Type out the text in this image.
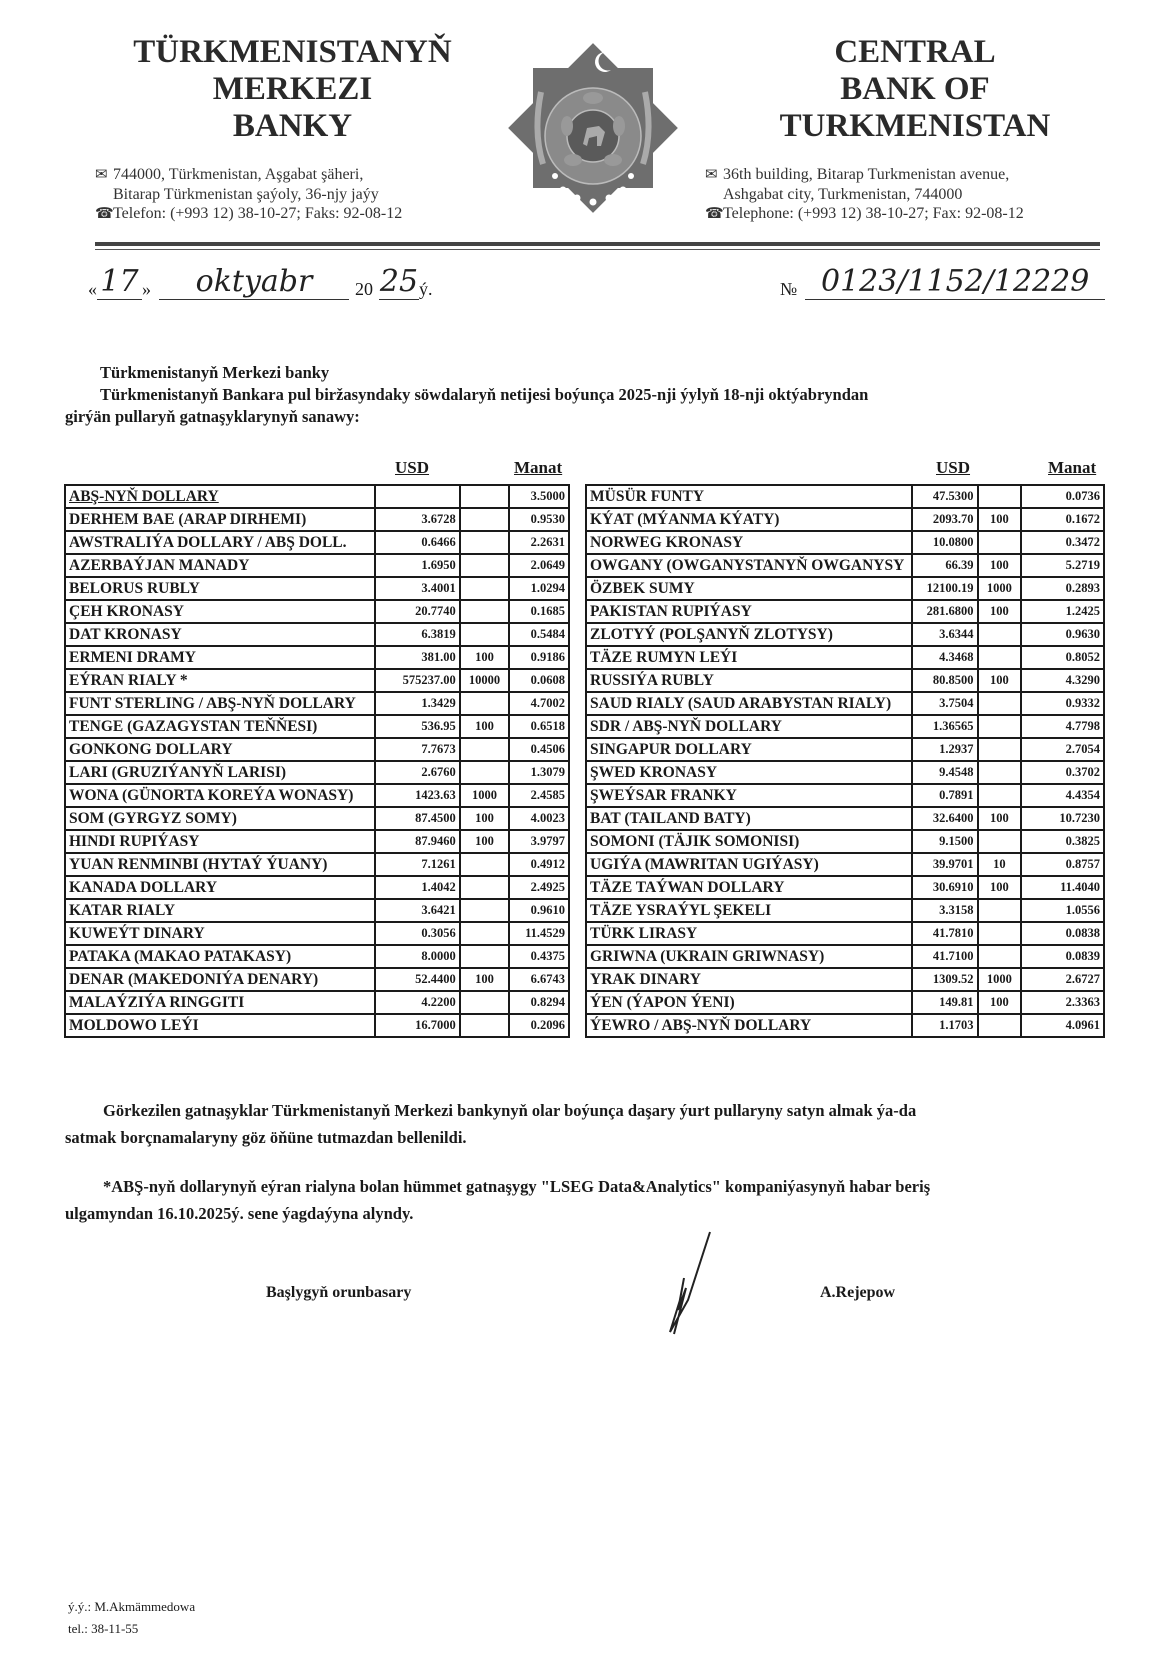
TÜRKMENISTANYŇ
MERKEZI
BANKY
✉ 744000, Türkmenistan, Aşgabat şäheri,
Bitarap Türkmenistan şaýoly, 36-njy jaýy
☎Telefon: (+993 12) 38-10-27; Faks: 92-08-12
CENTRAL
BANK OF
TURKMENISTAN
✉ 36th building, Bitarap Turkmenistan avenue,
Ashgabat city, Turkmenistan, 744000
☎Telephone: (+993 12) 38-10-27; Fax: 92-08-12
« 17 »	oktyabr	20 25 ý.	№ 0123/1152/12229
Türkmenistanyň Merkezi banky
Türkmenistanyň Bankara pul biržasyndaky söwdalaryň netijesi boýunça 2025-nji ýylyň 18-nji oktýabryndan
girýän pullaryň gatnaşyklarynyň sanawy:
USD	Manat	USD	Manat
ABŞ-NYŇ DOLLARY			3.5000
DERHEM BAE (ARAP DIRHEMI)	3.6728		0.9530
AWSTRALIÝA DOLLARY / ABŞ DOLL.	0.6466		2.2631
AZERBAÝJAN MANADY	1.6950		2.0649
BELORUS RUBLY	3.4001		1.0294
ÇEH KRONASY	20.7740		0.1685
DAT KRONASY	6.3819		0.5484
ERMENI DRAMY	381.00	100	0.9186
EÝRAN RIALY *	575237.00	10000	0.0608
FUNT STERLING / ABŞ-NYŇ DOLLARY	1.3429		4.7002
TENGE (GAZAGYSTAN TEŇŇESI)	536.95	100	0.6518
GONKONG DOLLARY	7.7673		0.4506
LARI (GRUZIÝANYŇ LARISI)	2.6760		1.3079
WONA (GÜNORTA KOREÝA WONASY)	1423.63	1000	2.4585
SOM (GYRGYZ SOMY)	87.4500	100	4.0023
HINDI RUPIÝASY	87.9460	100	3.9797
YUAN RENMINBI (HYTAÝ ÝUANY)	7.1261		0.4912
KANADA DOLLARY	1.4042		2.4925
KATAR RIALY	3.6421		0.9610
KUWEÝT DINARY	0.3056		11.4529
PATAKA (MAKAO PATAKASY)	8.0000		0.4375
DENAR (MAKEDONIÝA DENARY)	52.4400	100	6.6743
MALAÝZIÝA RINGGITI	4.2200		0.8294
MOLDOWO LEÝI	16.7000		0.2096
MÜSÜR FUNTY	47.5300		0.0736
KÝAT (MÝANMA KÝATY)	2093.70	100	0.1672
NORWEG KRONASY	10.0800		0.3472
OWGANY (OWGANYSTANYŇ OWGANYSY	66.39	100	5.2719
ÖZBEK SUMY	12100.19	1000	0.2893
PAKISTAN RUPIÝASY	281.6800	100	1.2425
ZLOTYÝ (POLŞANYŇ ZLOTYSY)	3.6344		0.9630
TÄZE RUMYN LEÝI	4.3468		0.8052
RUSSIÝA RUBLY	80.8500	100	4.3290
SAUD RIALY (SAUD ARABYSTAN RIALY)	3.7504		0.9332
SDR / ABŞ-NYŇ DOLLARY	1.36565		4.7798
SINGAPUR DOLLARY	1.2937		2.7054
ŞWED KRONASY	9.4548		0.3702
ŞWEÝSAR FRANKY	0.7891		4.4354
BAT (TAILAND BATY)	32.6400	100	10.7230
SOMONI (TÄJIK SOMONISI)	9.1500		0.3825
UGIÝA (MAWRITAN UGIÝASY)	39.9701	10	0.8757
TÄZE TAÝWAN DOLLARY	30.6910	100	11.4040
TÄZE YSRAÝYL ŞEKELI	3.3158		1.0556
TÜRK LIRASY	41.7810		0.0838
GRIWNA (UKRAIN GRIWNASY)	41.7100		0.0839
YRAK DINARY	1309.52	1000	2.6727
ÝEN (ÝAPON ÝENI)	149.81	100	2.3363
ÝEWRO / ABŞ-NYŇ DOLLARY	1.1703		4.0961
Görkezilen gatnaşyklar Türkmenistanyň Merkezi bankynyň olar boýunça daşary ýurt pullaryny satyn almak ýa-da
satmak borçnamalaryny göz öňüne tutmazdan bellenildi.
*ABŞ-nyň dollarynyň eýran rialyna bolan hümmet gatnaşygy "LSEG Data&Analytics" kompaniýasynyň habar beriş
ulgamyndan 16.10.2025ý. sene ýagdaýyna alyndy.
Başlygyň orunbasary	A.Rejepow
ý.ý.: M.Akmämmedowa
tel.: 38-11-55
